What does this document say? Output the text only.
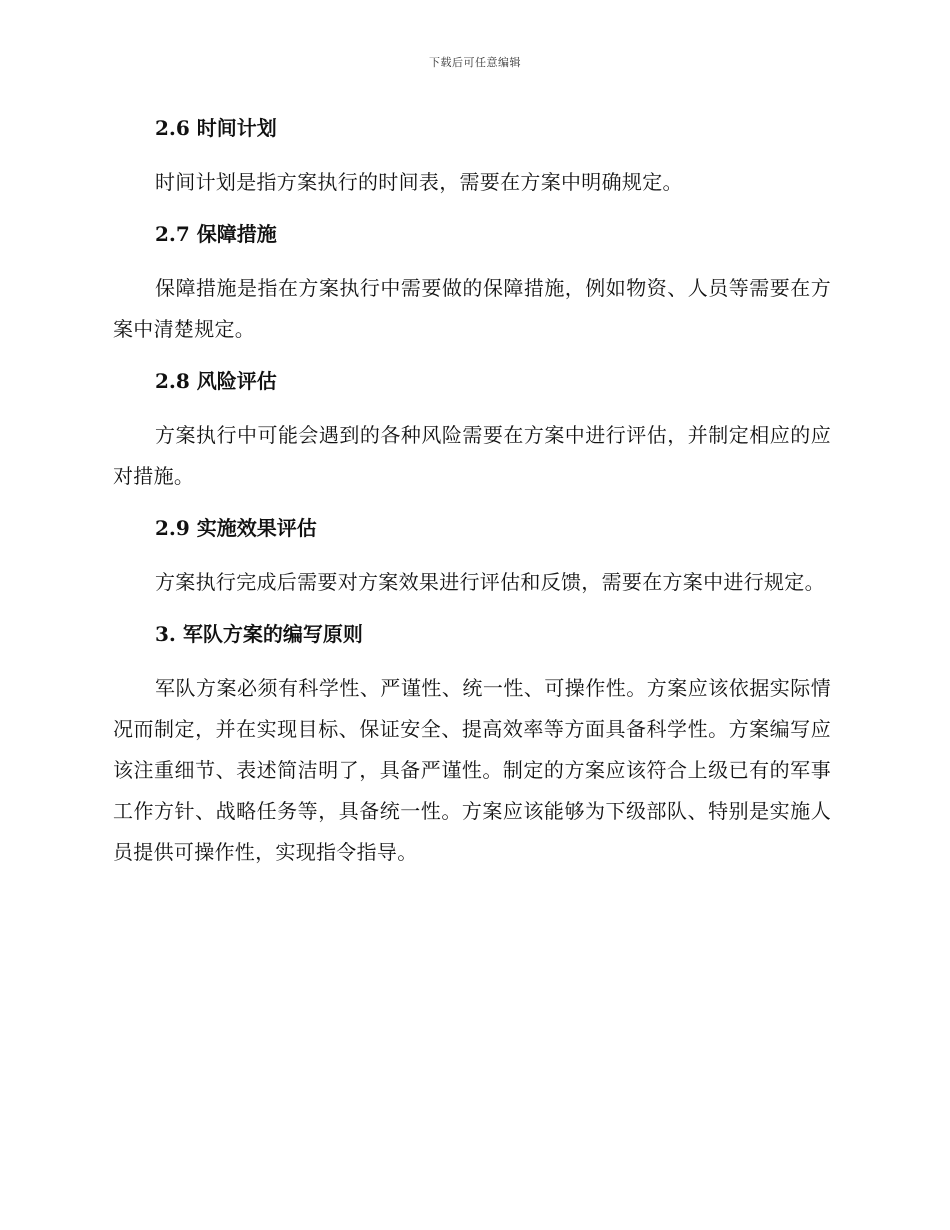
下载后可任意编辑
2.6 时间计划

时间计划是指方案执行的时间表，需要在方案中明确规定。

2.7 保障措施

保障措施是指在方案执行中需要做的保障措施，例如物资、人员等需要在方案中清楚规定。

2.8 风险评估

方案执行中可能会遇到的各种风险需要在方案中进行评估，并制定相应的应对措施。

2.9 实施效果评估

方案执行完成后需要对方案效果进行评估和反馈，需要在方案中进行规定。

3. 军队方案的编写原则

军队方案必须有科学性、严谨性、统一性、可操作性。方案应该依据实际情况而制定，并在实现目标、保证安全、提高效率等方面具备科学性。方案编写应该注重细节、表述简洁明了，具备严谨性。制定的方案应该符合上级已有的军事工作方针、战略任务等，具备统一性。方案应该能够为下级部队、特别是实施人员提供可操作性，实现指令指导。
